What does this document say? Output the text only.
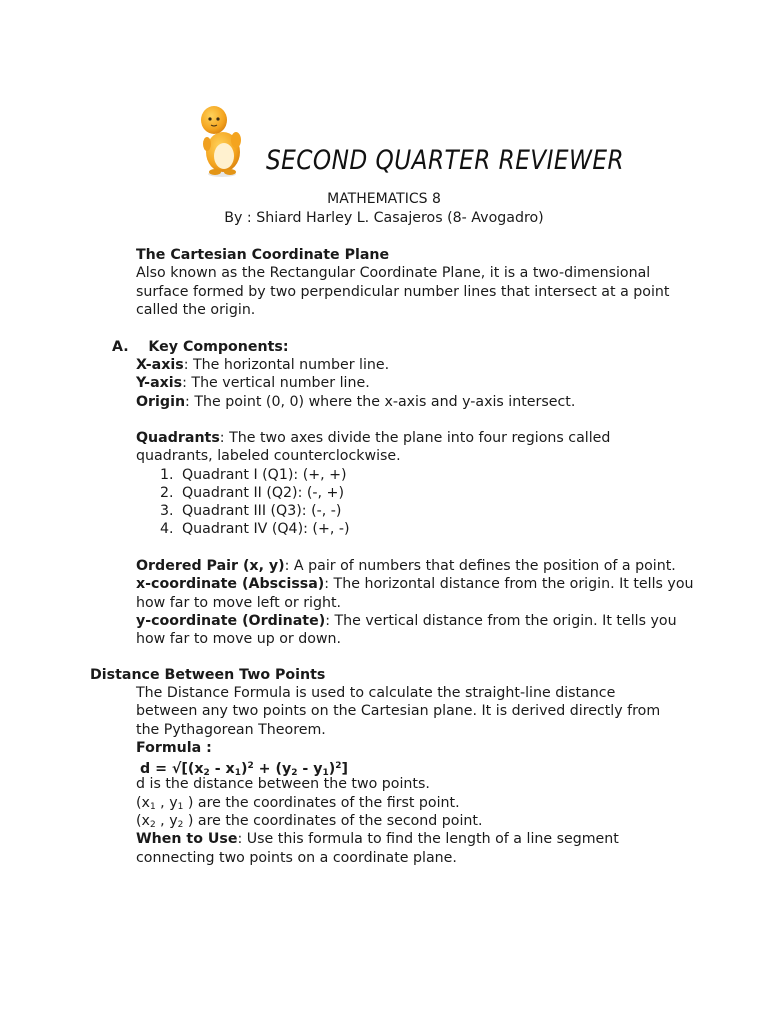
SECOND QUARTER REVIEWER
MATHEMATICS 8
By : Shiard Harley L. Casajeros (8- Avogadro)
The Cartesian Coordinate Plane
Also known as the Rectangular Coordinate Plane, it is a two-dimensional
surface formed by two perpendicular number lines that intersect at a point
called the origin.
A. Key Components:
X-axis: The horizontal number line.
Y-axis: The vertical number line.
Origin: The point (0, 0) where the x-axis and y-axis intersect.
Quadrants: The two axes divide the plane into four regions called
quadrants, labeled counterclockwise.
1. Quadrant I (Q1): (+, +)
2. Quadrant II (Q2): (-, +)
3. Quadrant III (Q3): (-, -)
4. Quadrant IV (Q4): (+, -)
Ordered Pair (x, y): A pair of numbers that defines the position of a point.
x-coordinate (Abscissa): The horizontal distance from the origin. It tells you
how far to move left or right.
y-coordinate (Ordinate): The vertical distance from the origin. It tells you
how far to move up or down.
Distance Between Two Points
The Distance Formula is used to calculate the straight-line distance
between any two points on the Cartesian plane. It is derived directly from
the Pythagorean Theorem.
Formula :
$d = √[(x_2 - x_1)^2 + (y_2 - y_1)^2]$
d is the distance between the two points.
($x_1$ , $y_1$ ) are the coordinates of the first point.
($x_2$ , $y_2$ ) are the coordinates of the second point.
When to Use: Use this formula to find the length of a line segment
connecting two points on a coordinate plane.
